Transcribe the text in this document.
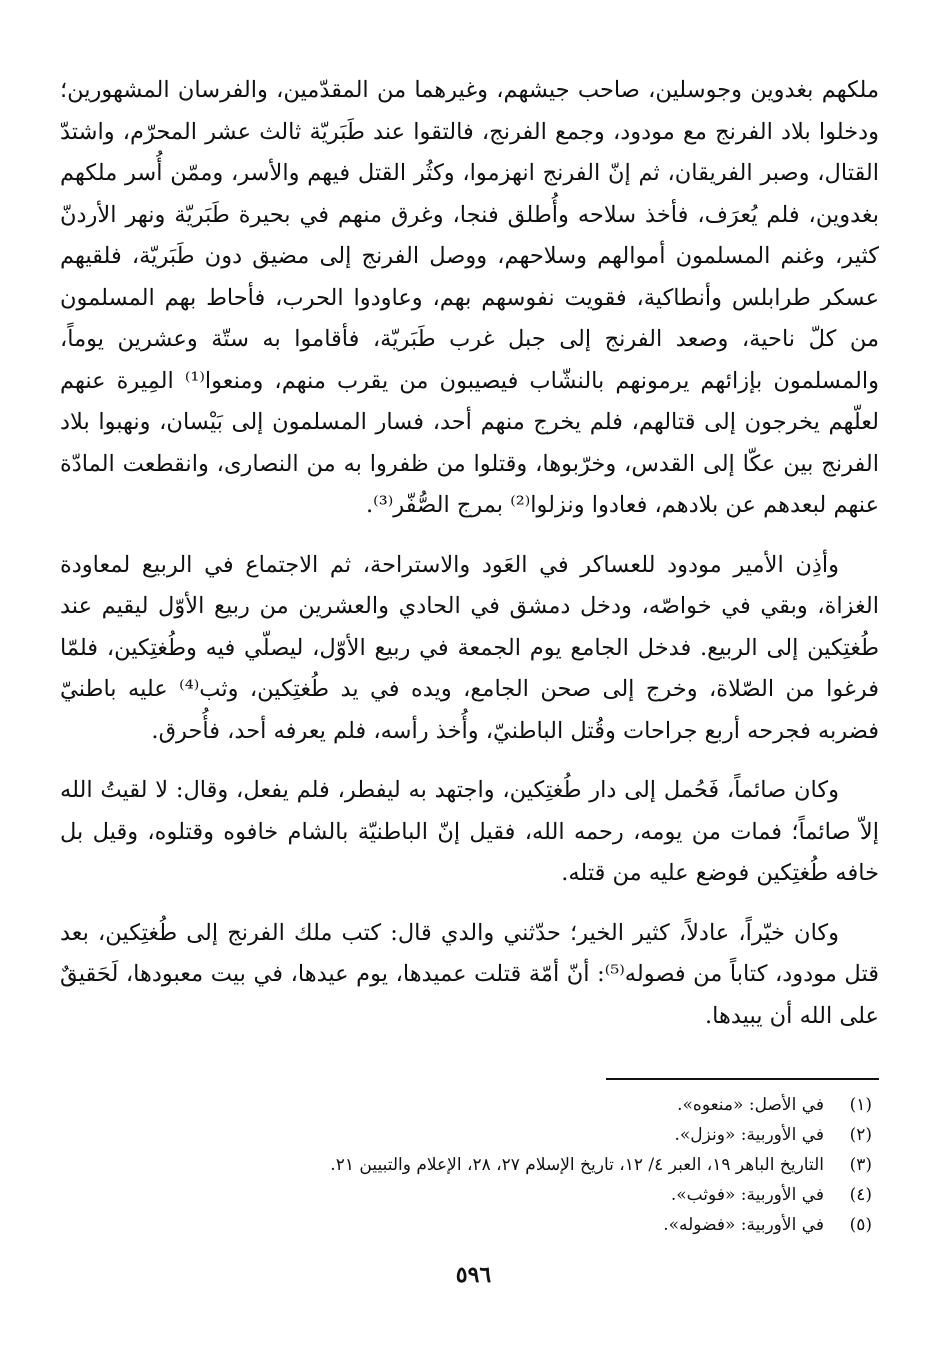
ملكهم بغدوين وجوسلين، صاحب جيشهم، وغيرهما من المقدّمين، والفرسان المشهورين؛ ودخلوا بلاد الفرنج مع مودود، وجمع الفرنج، فالتقوا عند طَبَريّة ثالث عشر المحرّم، واشتدّ القتال، وصبر الفريقان، ثم إنّ الفرنج انهزموا، وكثُر القتل فيهم والأسر، وممّن أُسر ملكهم بغدوين، فلم يُعرَف، فأخذ سلاحه وأُطلق فنجا، وغرق منهم في بحيرة طَبَريّة ونهر الأردنّ كثير، وغنم المسلمون أموالهم وسلاحهم، ووصل الفرنج إلى مضيق دون طَبَريّة، فلقيهم عسكر طرابلس وأنطاكية، فقويت نفوسهم بهم، وعاودوا الحرب، فأحاط بهم المسلمون من كلّ ناحية، وصعد الفرنج إلى جبل غرب طَبَريّة، فأقاموا به ستّة وعشرين يوماً، والمسلمون بإزائهم يرمونهم بالنشّاب فيصيبون من يقرب منهم، ومنعوا⁽¹⁾ المِيرة عنهم لعلّهم يخرجون إلى قتالهم، فلم يخرج منهم أحد، فسار المسلمون إلى بَيْسان، ونهبوا بلاد الفرنج بين عكّا إلى القدس، وخرّبوها، وقتلوا من ظفروا به من النصارى، وانقطعت المادّة عنهم لبعدهم عن بلادهم، فعادوا ونزلوا⁽²⁾ بمرج الصُّفّر⁽³⁾.

وأذِن الأمير مودود للعساكر في العَود والاستراحة، ثم الاجتماع في الربيع لمعاودة الغزاة، وبقي في خواصّه، ودخل دمشق في الحادي والعشرين من ربيع الأوّل ليقيم عند طُغتِكين إلى الربيع. فدخل الجامع يوم الجمعة في ربيع الأوّل، ليصلّي فيه وطُغتِكين، فلمّا فرغوا من الصّلاة، وخرج إلى صحن الجامع، ويده في يد طُغتِكين، وثب⁽⁴⁾ عليه باطنيّ فضربه فجرحه أربع جراحات وقُتل الباطنيّ، وأُخذ رأسه، فلم يعرفه أحد، فأُحرق.

وكان صائماً، فَحُمل إلى دار طُغتِكين، واجتهد به ليفطر، فلم يفعل، وقال: لا لقيتُ الله إلاّ صائماً؛ فمات من يومه، رحمه الله، فقيل إنّ الباطنيّة بالشام خافوه وقتلوه، وقيل بل خافه طُغتِكين فوضع عليه من قتله.

وكان خيّراً، عادلاً، كثير الخير؛ حدّثني والدي قال: كتب ملك الفرنج إلى طُغتِكين، بعد قتل مودود، كتاباً من فصوله⁽⁵⁾: أنّ أمّة قتلت عميدها، يوم عيدها، في بيت معبودها، لَحَقيقٌ على الله أن يبيدها.

(١)
في الأصل: «منعوه».
(٢)
في الأوربية: «ونزل».
(٣)
التاريخ الباهر ١٩، العبر ٤/ ١٢، تاريخ الإسلام ٢٧، ٢٨، الإعلام والتبيين ٢١.
(٤)
في الأوربية: «فوثب».
(٥)
في الأوربية: «فضوله».
٥٩٦
